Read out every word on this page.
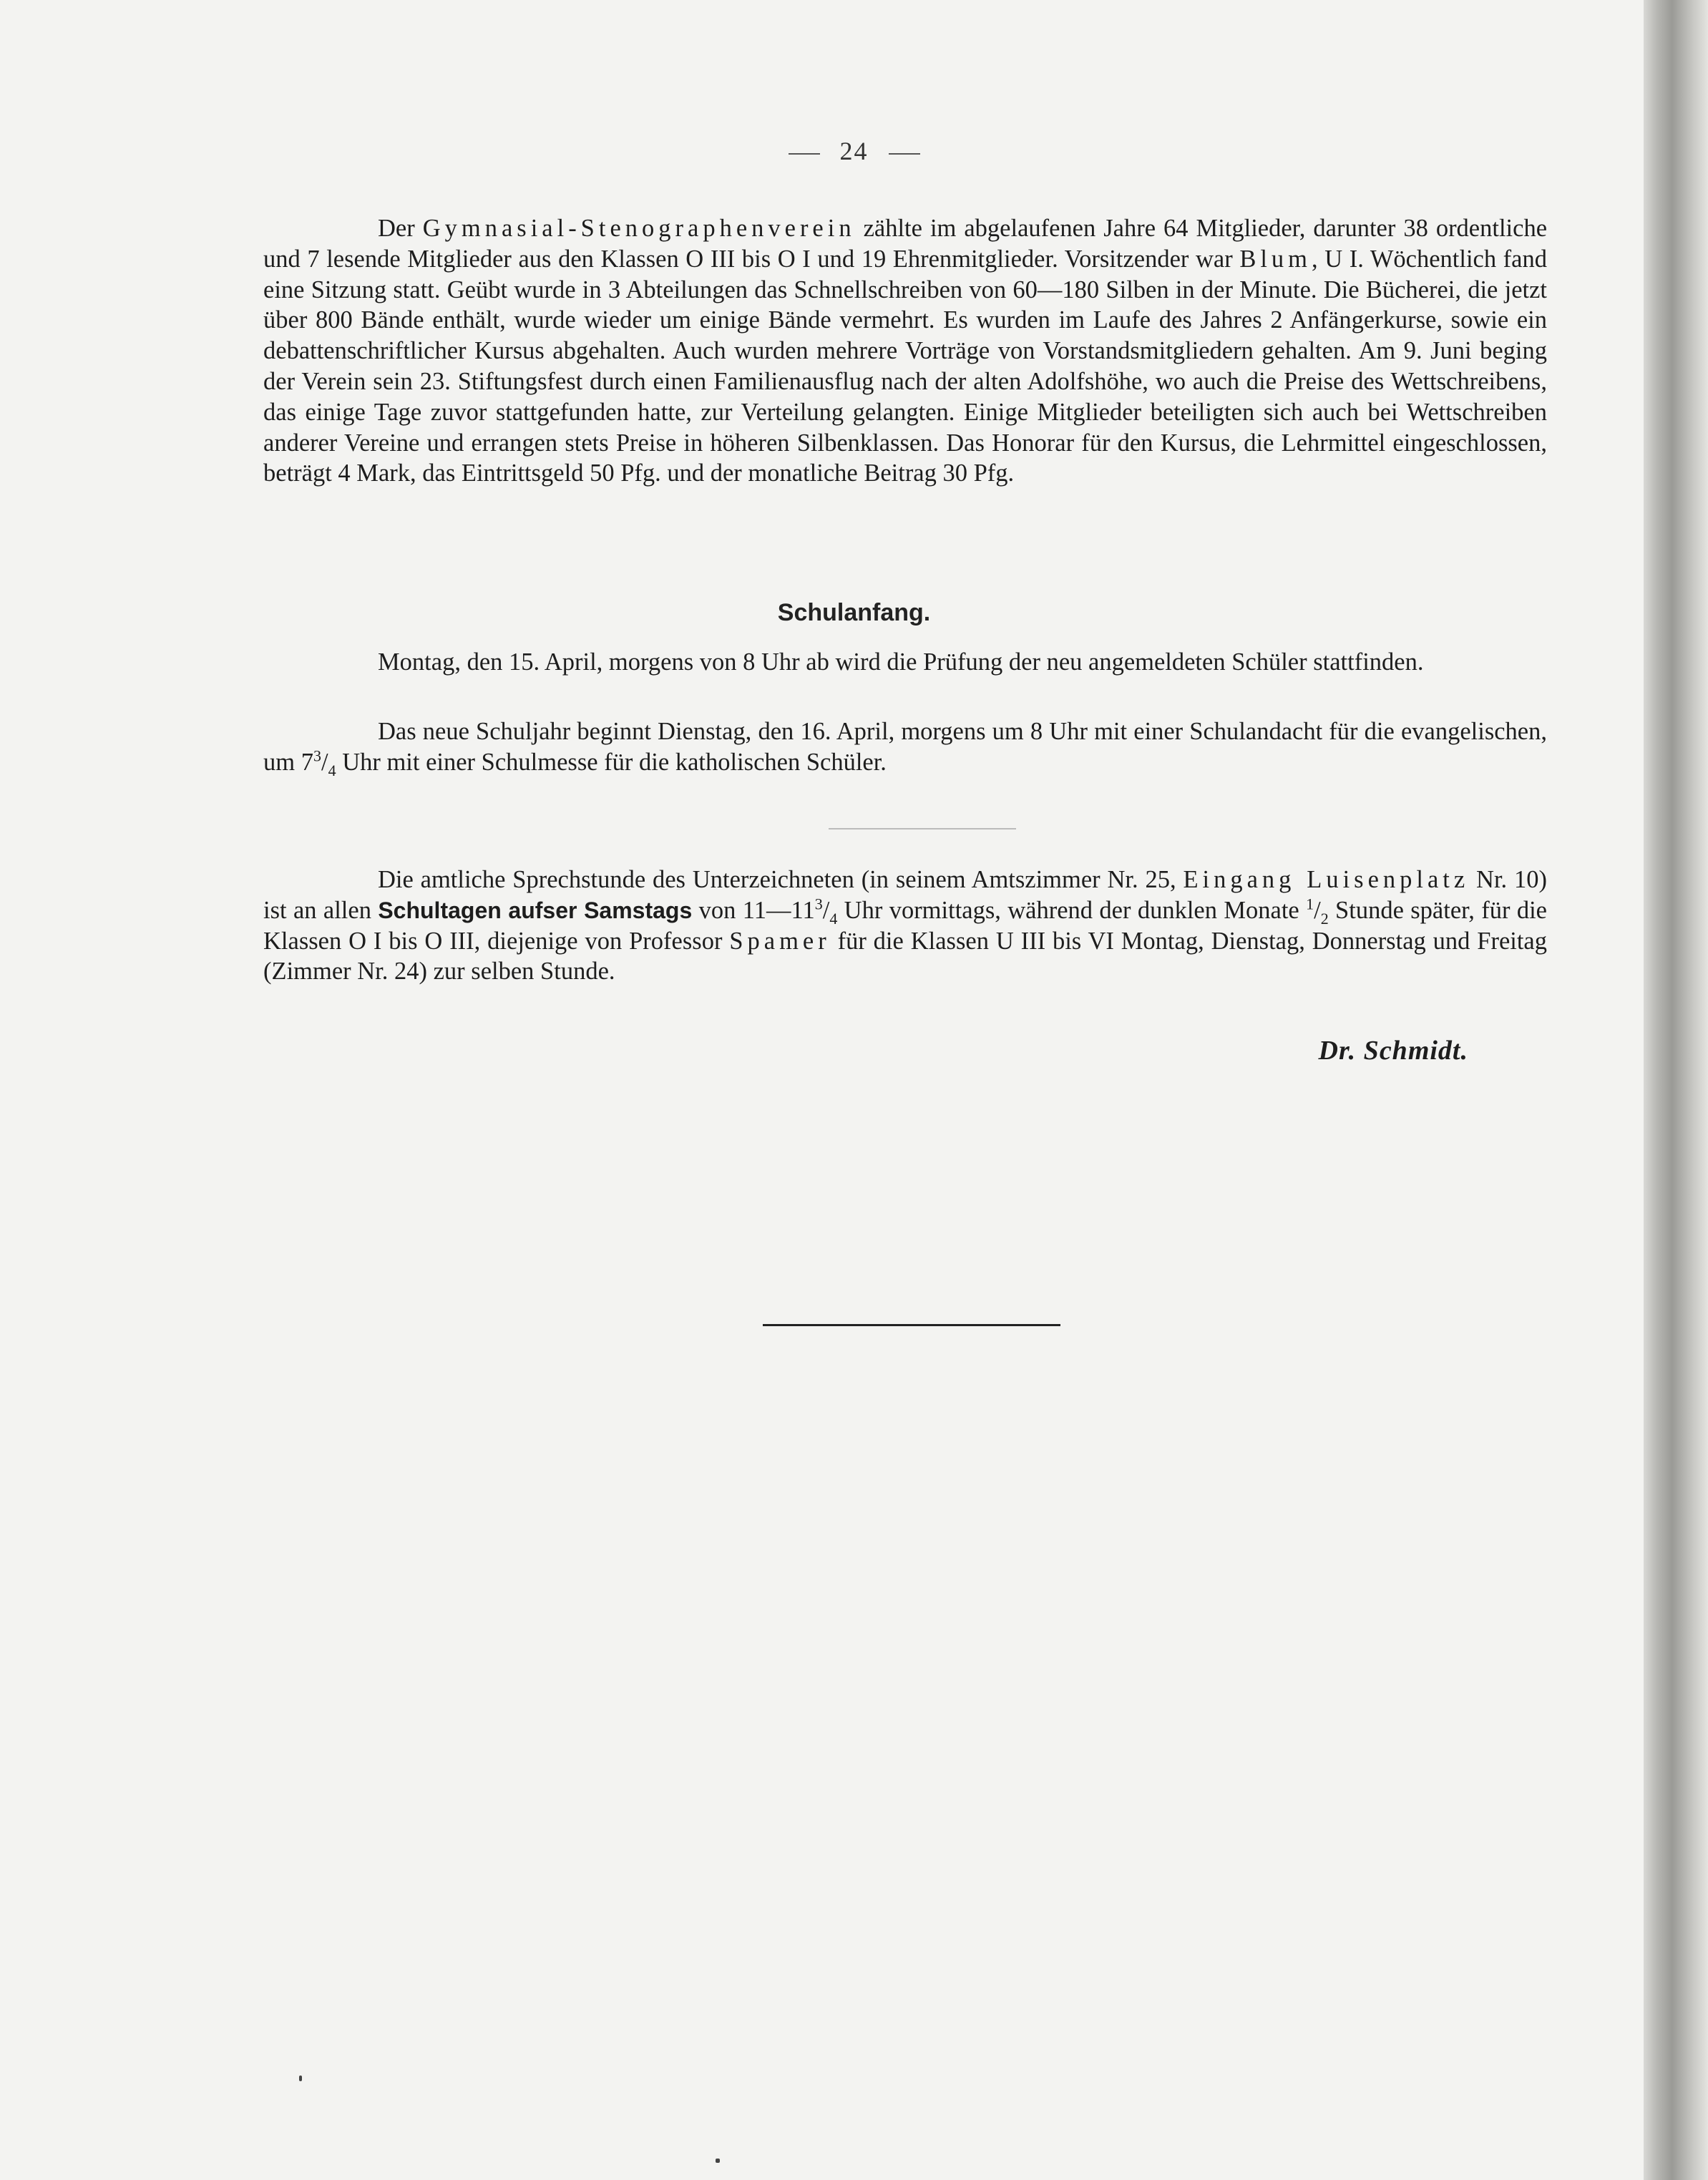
24

Der Gymnasial-Stenographenverein zählte im abgelaufenen Jahre 64 Mitglieder, darunter 38 ordentliche und 7 lesende Mitglieder aus den Klassen O III bis O I und 19 Ehrenmitglieder. Vorsitzender war Blum, U I. Wöchentlich fand eine Sitzung statt. Geübt wurde in 3 Abteilungen das Schnellschreiben von 60—180 Silben in der Minute. Die Bücherei, die jetzt über 800 Bände enthält, wurde wieder um einige Bände vermehrt. Es wurden im Laufe des Jahres 2 Anfängerkurse, sowie ein debattenschriftlicher Kursus abgehalten. Auch wurden mehrere Vorträge von Vorstandsmitgliedern gehalten. Am 9. Juni beging der Verein sein 23. Stiftungsfest durch einen Familienausflug nach der alten Adolfshöhe, wo auch die Preise des Wettschreibens, das einige Tage zuvor stattgefunden hatte, zur Verteilung gelangten. Einige Mitglieder beteiligten sich auch bei Wettschreiben anderer Vereine und errangen stets Preise in höheren Silbenklassen. Das Honorar für den Kursus, die Lehrmittel eingeschlossen, beträgt 4 Mark, das Eintrittsgeld 50 Pfg. und der monatliche Beitrag 30 Pfg.

Schulanfang.

Montag, den 15. April, morgens von 8 Uhr ab wird die Prüfung der neu angemeldeten Schüler stattfinden.

Das neue Schuljahr beginnt Dienstag, den 16. April, morgens um 8 Uhr mit einer Schulandacht für die evangelischen, um $7^3/_4$ Uhr mit einer Schulmesse für die katholischen Schüler.

Die amtliche Sprechstunde des Unterzeichneten (in seinem Amtszimmer Nr. 25, Eingang Luisenplatz Nr. 10) ist an allen Schultagen aufser Samstags von $11—11^3/_4$ Uhr vormittags, während der dunklen Monate $^1/_2$ Stunde später, für die Klassen O I bis O III, diejenige von Professor Spamer für die Klassen U III bis VI Montag, Dienstag, Donnerstag und Freitag (Zimmer Nr. 24) zur selben Stunde.

Dr. Schmidt.
